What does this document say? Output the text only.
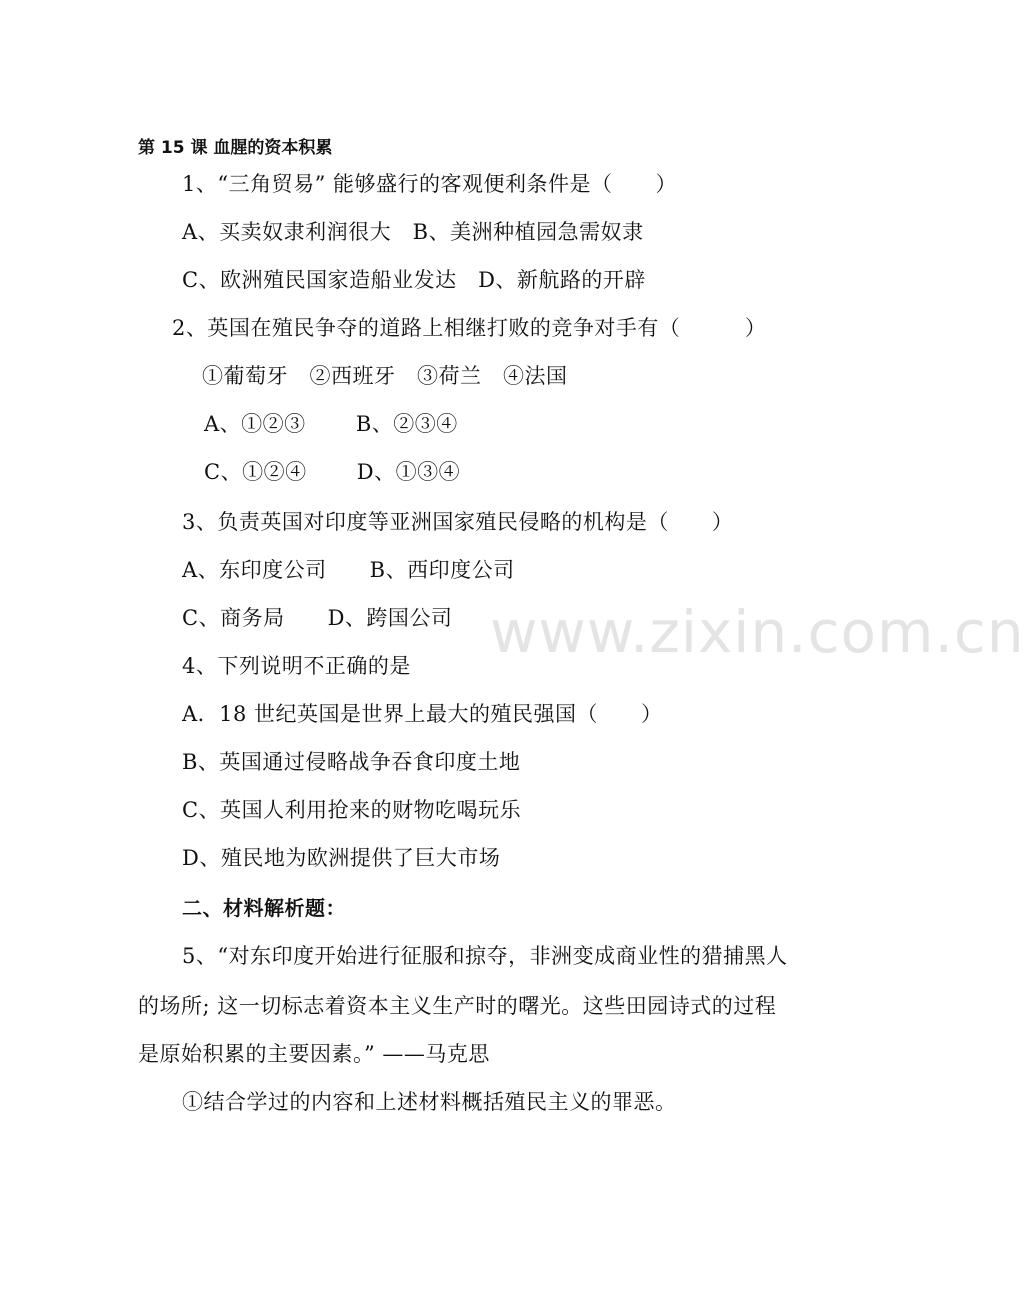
第 15 课 血腥的资本积累
1、“三角贸易” 能够盛行的客观便利条件是（　　）
A、买卖奴隶利润很大　B、美洲种植园急需奴隶
C、欧洲殖民国家造船业发达　D、新航路的开辟
2、英国在殖民争夺的道路上相继打败的竞争对手有（　　　）
①葡萄牙　②西班牙　③荷兰　④法国
A、①②③　　 B、②③④
C、①②④　　 D、①③④
3、负责英国对印度等亚洲国家殖民侵略的机构是（　　）
A、东印度公司　　B、西印度公司
C、商务局　　D、跨国公司
4、下列说明不正确的是
A．18 世纪英国是世界上最大的殖民强国（　　）
B、英国通过侵略战争吞食印度土地
C、英国人利用抢来的财物吃喝玩乐
D、殖民地为欧洲提供了巨大市场
二、材料解析题：
5、“对东印度开始进行征服和掠夺，非洲变成商业性的猎捕黑人
的场所; 这一切标志着资本主义生产时的曙光。这些田园诗式的过程
是原始积累的主要因素。” ——马克思
①结合学过的内容和上述材料概括殖民主义的罪恶。
www.zixin.com.cn
